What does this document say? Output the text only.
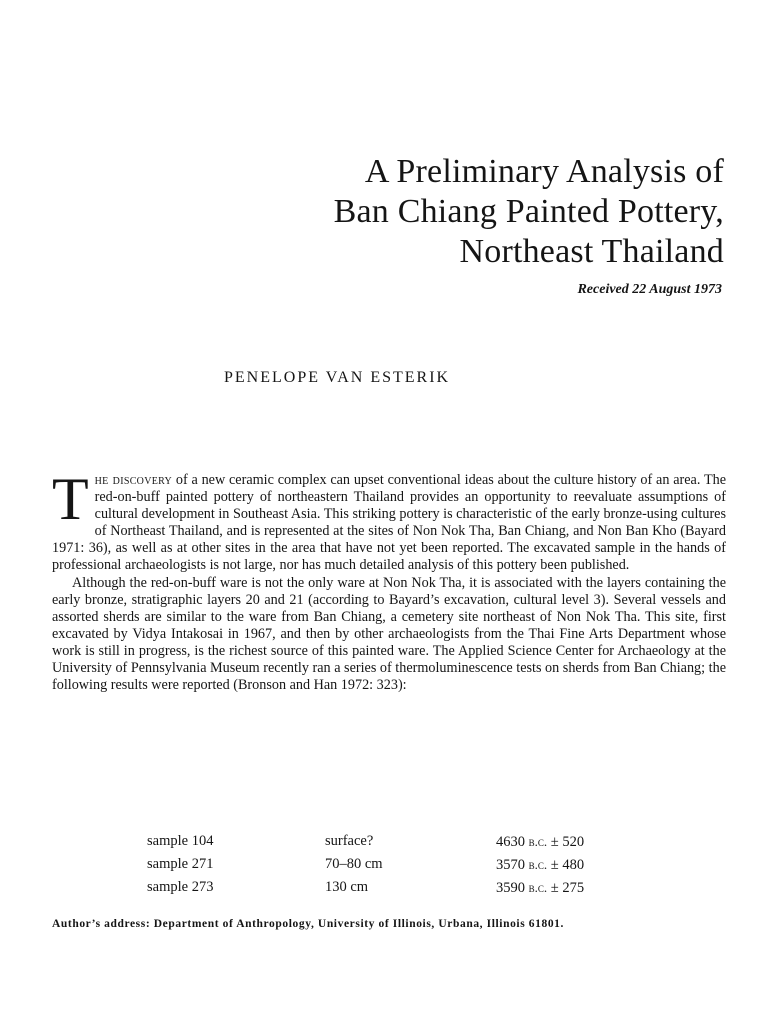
A Preliminary Analysis of
Ban Chiang Painted Pottery,
Northeast Thailand
Received 22 August 1973
PENELOPE VAN ESTERIK

The discovery of a new ceramic complex can upset conventional ideas about the culture history of an area. The red-on-buff painted pottery of northeastern Thailand provides an opportunity to reevaluate assumptions of cultural development in Southeast Asia. This striking pottery is characteristic of the early bronze-using cultures of Northeast Thailand, and is represented at the sites of Non Nok Tha, Ban Chiang, and Non Ban Kho (Bayard 1971: 36), as well as at other sites in the area that have not yet been reported. The excavated sample in the hands of professional archaeologists is not large, nor has much detailed analysis of this pottery been published.

Although the red-on-buff ware is not the only ware at Non Nok Tha, it is associated with the layers containing the early bronze, stratigraphic layers 20 and 21 (according to Bayard’s excavation, cultural level 3). Several vessels and assorted sherds are similar to the ware from Ban Chiang, a cemetery site northeast of Non Nok Tha. This site, first excavated by Vidya Intakosai in 1967, and then by other archaeologists from the Thai Fine Arts Department whose work is still in progress, is the richest source of this painted ware. The Applied Science Center for Archaeology at the University of Pennsylvania Museum recently ran a series of thermoluminescence tests on sherds from Ban Chiang; the following results were reported (Bronson and Han 1972: 323):

sample 104	surface?	4630 b.c. ± 520
sample 271	70–80 cm	3570 b.c. ± 480
sample 273	130 cm	3590 b.c. ± 275
Author’s address: Department of Anthropology, University of Illinois, Urbana, Illinois 61801.
